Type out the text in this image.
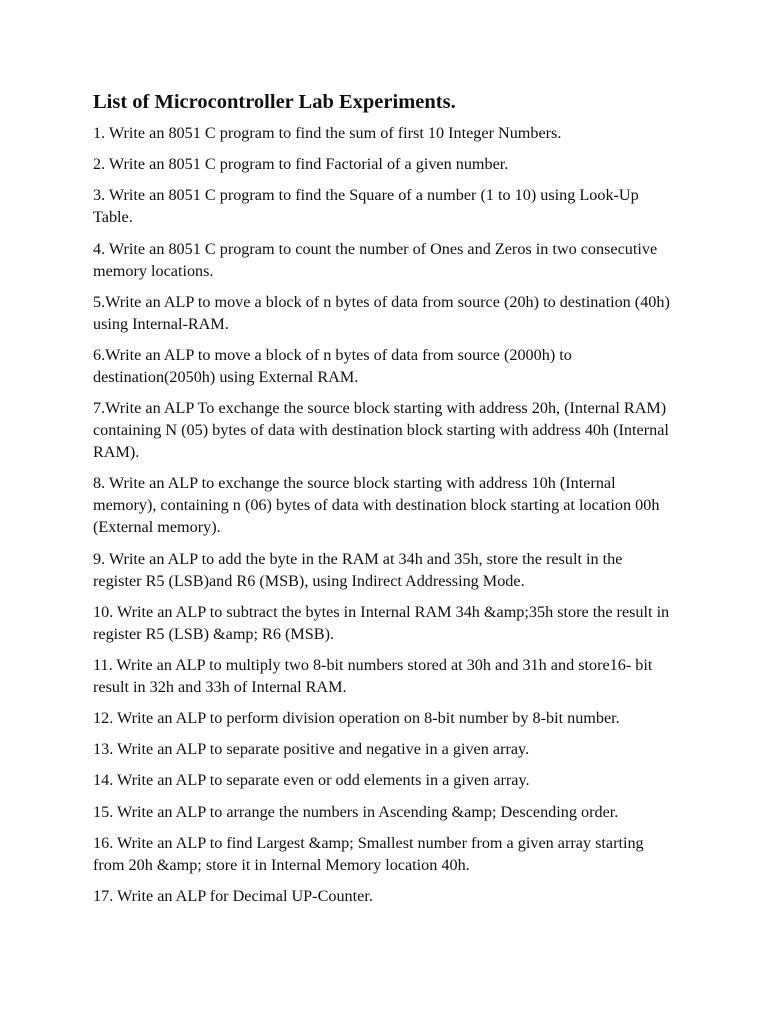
List of Microcontroller Lab Experiments.
1. Write an 8051 C program to find the sum of first 10 Integer Numbers.
2. Write an 8051 C program to find Factorial of a given number.
3. Write an 8051 C program to find the Square of a number (1 to 10) using Look-Up Table.
4. Write an 8051 C program to count the number of Ones and Zeros in two consecutive memory locations.
5.Write an ALP to move a block of n bytes of data from source (20h) to destination (40h) using Internal-RAM.
6.Write an ALP to move a block of n bytes of data from source (2000h) to destination(2050h) using External RAM.
7.Write an ALP To exchange the source block starting with address 20h, (Internal RAM) containing N (05) bytes of data with destination block starting with address 40h (Internal RAM).
8. Write an ALP to exchange the source block starting with address 10h (Internal memory), containing n (06) bytes of data with destination block starting at location 00h (External memory).
9. Write an ALP to add the byte in the RAM at 34h and 35h, store the result in the register R5 (LSB)and R6 (MSB), using Indirect Addressing Mode.
10. Write an ALP to subtract the bytes in Internal RAM 34h &amp;35h store the result in register R5 (LSB) &amp; R6 (MSB).
11. Write an ALP to multiply two 8-bit numbers stored at 30h and 31h and store16- bit result in 32h and 33h of Internal RAM.
12. Write an ALP to perform division operation on 8-bit number by 8-bit number.
13. Write an ALP to separate positive and negative in a given array.
14. Write an ALP to separate even or odd elements in a given array.
15. Write an ALP to arrange the numbers in Ascending &amp; Descending order.
16. Write an ALP to find Largest &amp; Smallest number from a given array starting from 20h &amp; store it in Internal Memory location 40h.
17. Write an ALP for Decimal UP-Counter.
